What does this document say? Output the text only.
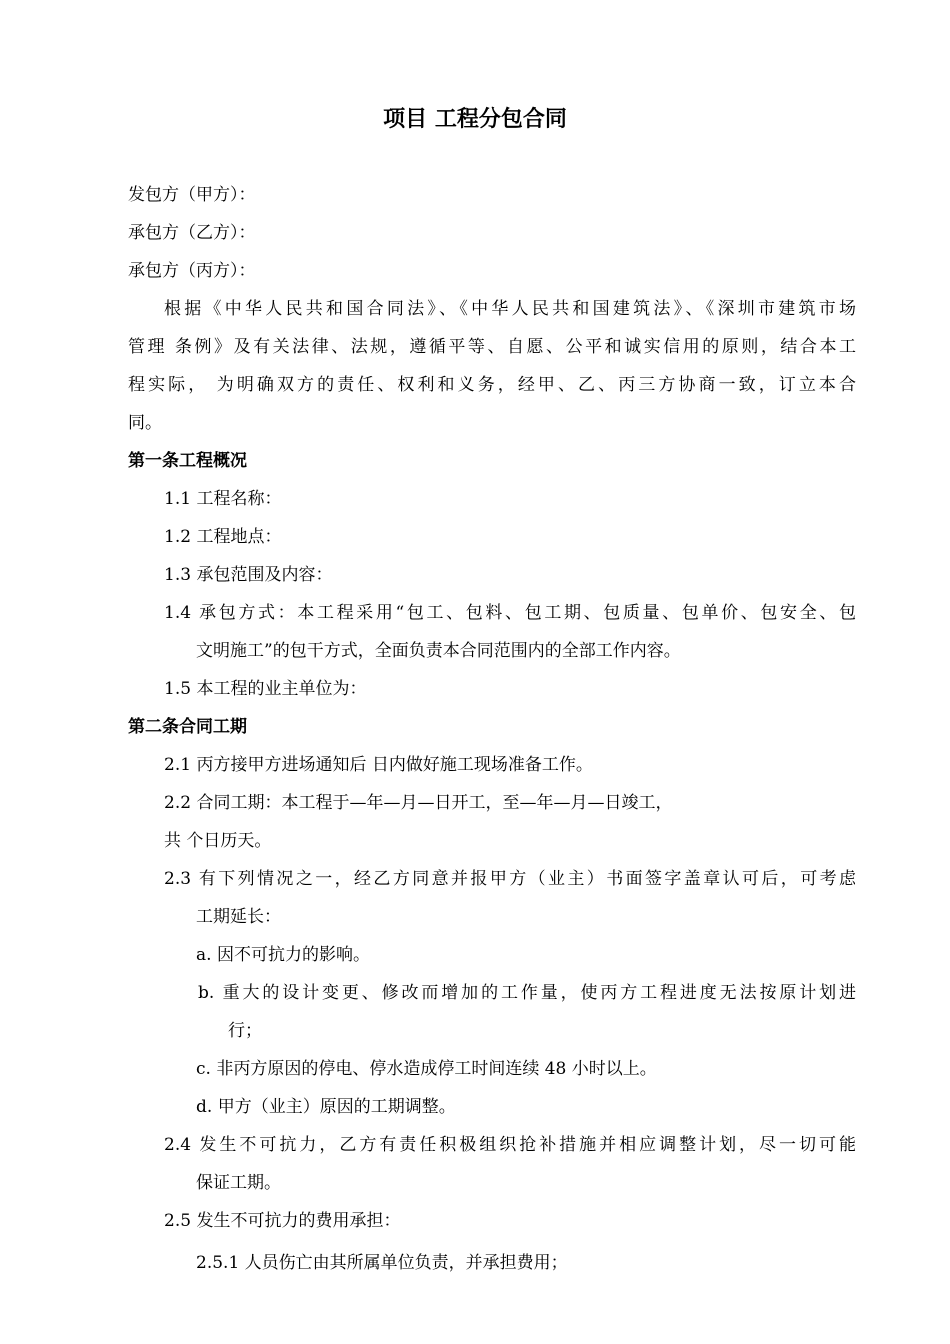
项目 工程分包合同
发包方（甲方）：
承包方（乙方）：
承包方（丙方）：
根据《中华人民共和国合同法》、《中华人民共和国建筑法》、《深圳市建筑市场
管理 条例》及有关法律、法规，遵循平等、自愿、公平和诚实信用的原则，结合本工
程实际， 为明确双方的责任、权利和义务，经甲、乙、丙三方协商一致，订立本合
同。
第一条工程概况
1.1 工程名称：
1.2 工程地点：
1.3 承包范围及内容：
1.4 承包方式：本工程采用“包工、包料、包工期、包质量、包单价、包安全、包
文明施工”的包干方式，全面负责本合同范围内的全部工作内容。
1.5 本工程的业主单位为：
第二条合同工期
2.1 丙方接甲方进场通知后 日内做好施工现场准备工作。
2.2 合同工期：本工程于—年—月—日开工，至—年—月—日竣工，
共 个日历天。
2.3 有下列情况之一，经乙方同意并报甲方（业主）书面签字盖章认可后，可考虑
工期延长：
a. 因不可抗力的影响。
b. 重大的设计变更、修改而增加的工作量，使丙方工程进度无法按原计划进
行；
c. 非丙方原因的停电、停水造成停工时间连续 48 小时以上。
d. 甲方（业主）原因的工期调整。
2.4 发生不可抗力，乙方有责任积极组织抢补措施并相应调整计划，尽一切可能
保证工期。
2.5 发生不可抗力的费用承担：
2.5.1 人员伤亡由其所属单位负责，并承担费用；
